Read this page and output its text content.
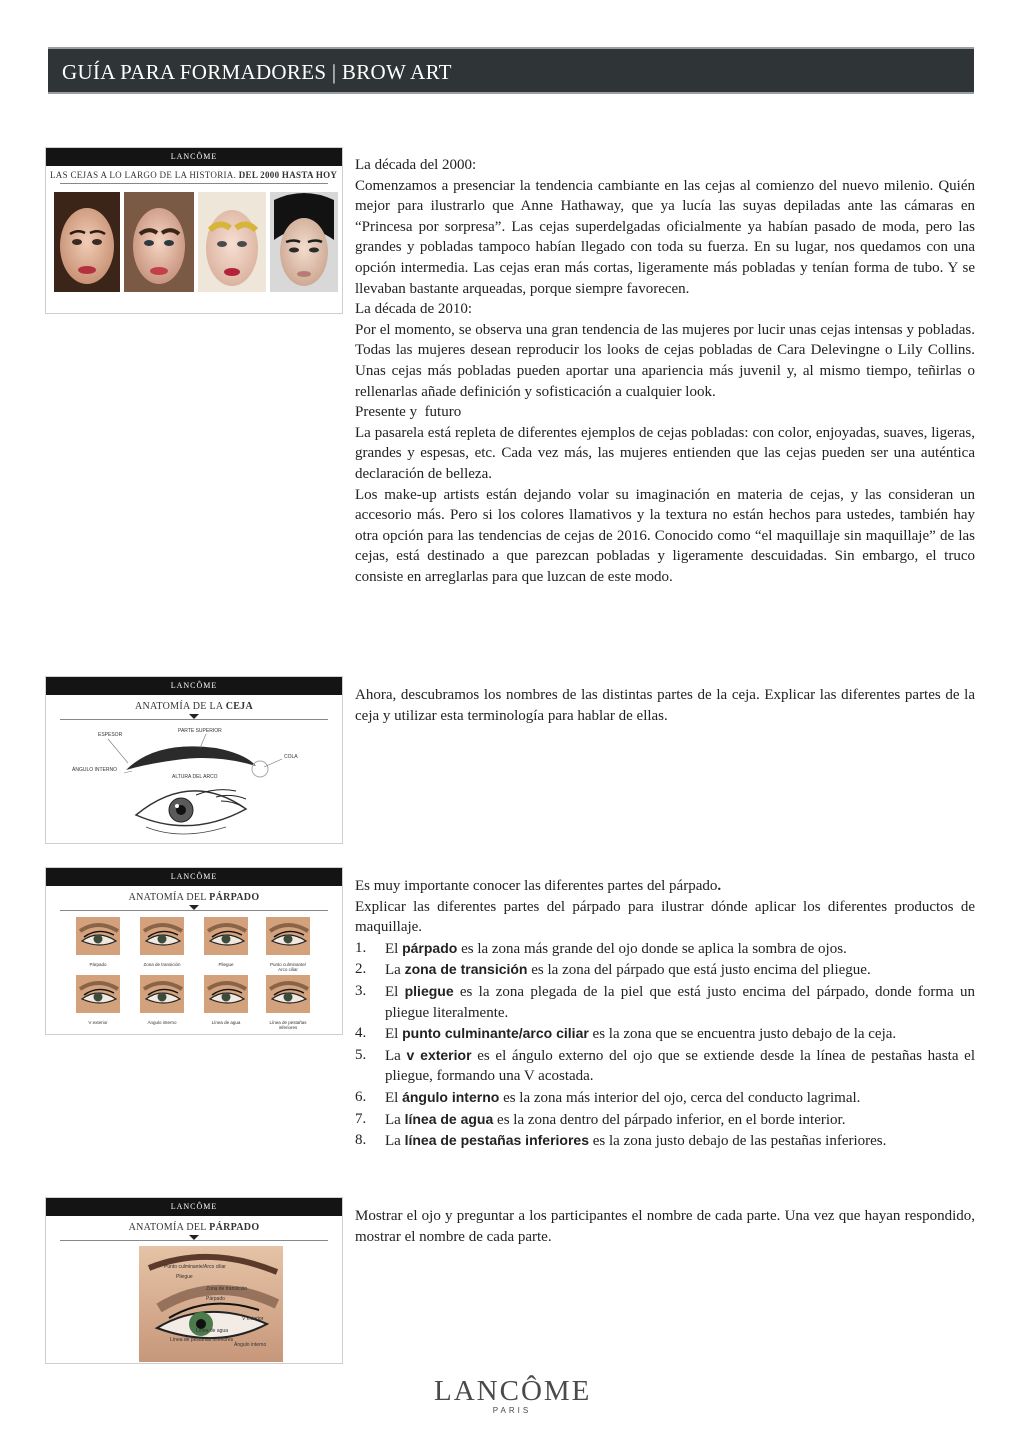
GUÍA PARA FORMADORES | BROW ART
LANCÔME
LAS CEJAS A LO LARGO DE LA HISTORIA. DEL 2000 HASTA HOY

La década del 2000:

Comenzamos a presenciar la tendencia cambiante en las cejas al comienzo del nuevo milenio. Quién mejor para ilustrarlo que Anne Hathaway, que ya lucía las suyas depiladas ante las cámaras en “Princesa por sorpresa”. Las cejas superdelgadas oficialmente ya habían pasado de moda, pero las grandes y pobladas tampoco habían llegado con toda su fuerza. En su lugar, nos quedamos con una opción intermedia. Las cejas eran más cortas, ligeramente más pobladas y tenían forma de tubo. Y se llevaban bastante arqueadas, porque siempre favorecen.

La década de 2010:

Por el momento, se observa una gran tendencia de las mujeres por lucir unas cejas intensas y pobladas. Todas las mujeres desean reproducir los looks de cejas pobladas de Cara Delevingne o Lily Collins. Unas cejas más pobladas pueden aportar una apariencia más juvenil y, al mismo tiempo, teñirlas o rellenarlas añade definición y sofisticación a cualquier look.

Presente y  futuro

La pasarela está repleta de diferentes ejemplos de cejas pobladas: con color, enjoyadas, suaves, ligeras, grandes y espesas, etc. Cada vez más, las mujeres entienden que las cejas pueden ser una auténtica declaración de belleza.

Los make-up artists están dejando volar su imaginación en materia de cejas, y las consideran un accesorio más. Pero si los colores llamativos y la textura no están hechos para ustedes, también hay otra opción para las tendencias de cejas de 2016. Conocido como “el maquillaje sin maquillaje” de las cejas, está destinado a que parezcan pobladas y ligeramente descuidadas. Sin embargo, el truco consiste en arreglarlas para que luzcan de este modo.

LANCÔME
ANATOMÍA DE LA CEJA
ESPESOR
PARTE SUPERIOR
COLA
ÁNGULO INTERNO
ALTURA DEL ARCO

Ahora, descubramos los nombres de las distintas partes de la ceja. Explicar las diferentes partes de la ceja y utilizar esta terminología para hablar de ellas.

LANCÔME
ANATOMÍA DEL PÁRPADO
Párpado	Zona de transición	Pliegue	Punto culminante/ Arco ciliar
V exterior	Ángulo interno	Línea de agua	Línea de pestañas inferiores

Es muy importante conocer las diferentes partes del párpado.

Explicar las diferentes partes del párpado para ilustrar dónde aplicar los diferentes productos de maquillaje.

1. El párpado es la zona más grande del ojo donde se aplica la sombra de ojos.
2. La zona de transición es la zona del párpado que está justo encima del pliegue.
3. El pliegue es la zona plegada de la piel que está justo encima del párpado, donde forma un pliegue literalmente.
4. El punto culminante/arco ciliar es la zona que se encuentra justo debajo de la ceja.
5. La v exterior es el ángulo externo del ojo que se extiende desde la línea de pestañas hasta el pliegue, formando una V acostada.
6. El ángulo interno es la zona más interior del ojo, cerca del conducto lagrimal.
7. La línea de agua es la zona dentro del párpado inferior, en el borde interior.
8. La línea de pestañas inferiores es la zona justo debajo de las pestañas inferiores.
LANCÔME
ANATOMÍA DEL PÁRPADO
Punto culminante/Arco ciliar
Pliegue
Zona de transición
Párpado
V exterior
Línea de agua
Línea de pestañas inferiores
Ángulo interno

Mostrar el ojo y preguntar a los participantes el nombre de cada parte. Una vez que hayan respondido, mostrar el nombre de cada parte.

LANCÔME
PARIS
